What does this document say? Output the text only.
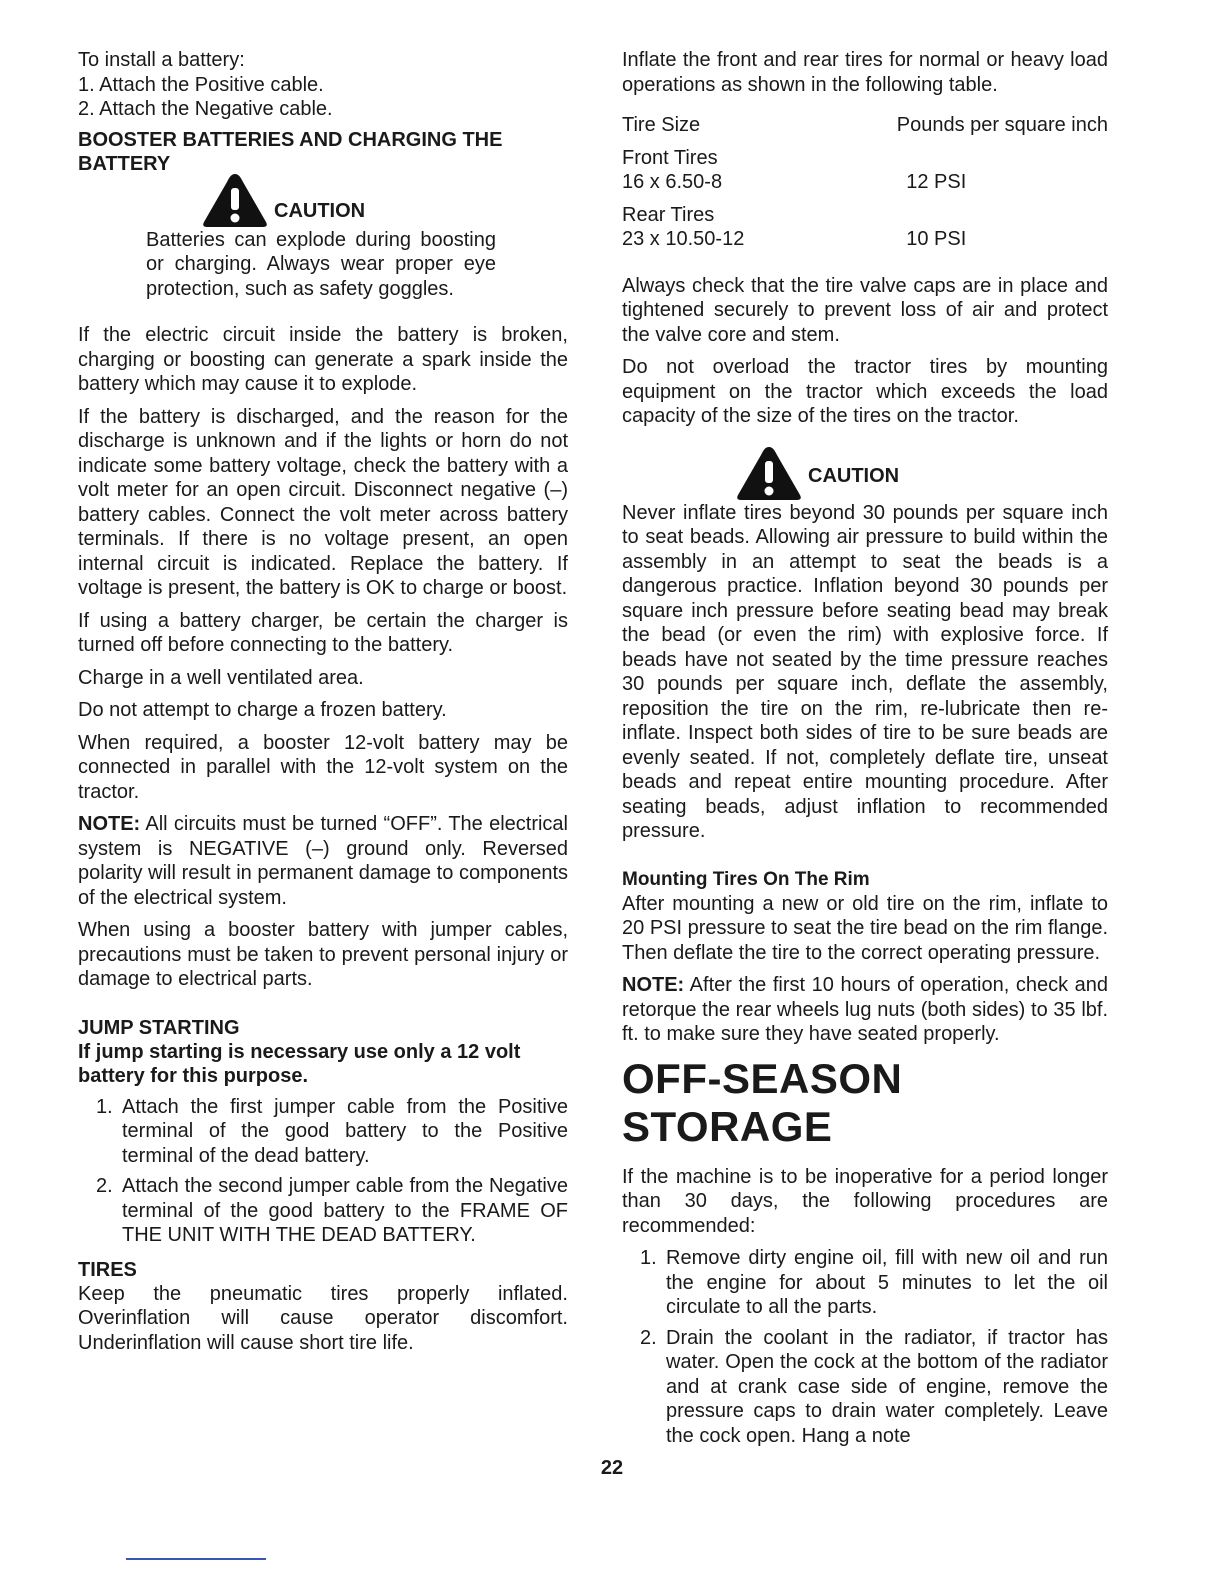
To install a battery:
1. Attach the Positive cable.
2. Attach the Negative cable.
BOOSTER BATTERIES AND CHARGING THE BATTERY
CAUTION
Batteries can explode during boosting or charging. Always wear proper eye protection, such as safety goggles.

If the electric circuit inside the battery is broken, charging or boosting can generate a spark inside the battery which may cause it to explode.

If the battery is discharged, and the reason for the discharge is unknown and if the lights or horn do not indicate some battery voltage, check the battery with a volt meter for an open circuit. Disconnect negative (–) battery cables. Connect the volt meter across battery terminals. If there is no voltage present, an open internal circuit is indicated. Replace the battery. If voltage is present, the battery is OK to charge or boost.

If using a battery charger, be certain the charger is turned off before connecting to the battery.

Charge in a well ventilated area.

Do not attempt to charge a frozen battery.

When required, a booster 12-volt battery may be connected in parallel with the 12-volt system on the tractor.

NOTE: All circuits must be turned “OFF”. The electrical system is NEGATIVE (–) ground only. Reversed polarity will result in permanent damage to components of the electrical system.

When using a booster battery with jumper cables, precautions must be taken to prevent personal injury or damage to electrical parts.

JUMP STARTING
If jump starting is necessary use only a 12 volt battery for this purpose.
1. Attach the first jumper cable from the Positive terminal of the good battery to the Positive terminal of the dead battery.
2. Attach the second jumper cable from the Negative terminal of the good battery to the FRAME OF THE UNIT WITH THE DEAD BATTERY.
TIRES

Keep the pneumatic tires properly inflated. Overinflation will cause operator discomfort. Underinflation will cause short tire life.

Inflate the front and rear tires for normal or heavy load operations as shown in the following table.

Tire Size	Pounds per square inch
Front Tires	
16 x 6.50-8	12 PSI
Rear Tires	
23 x 10.50-12	10 PSI

Always check that the tire valve caps are in place and tightened securely to prevent loss of air and protect the valve core and stem.

Do not overload the tractor tires by mounting equipment on the tractor which exceeds the load capacity of the size of the tires on the tractor.

CAUTION

Never inflate tires beyond 30 pounds per square inch to seat beads. Allowing air pressure to build within the assembly in an attempt to seat the beads is a dangerous practice. Inflation beyond 30 pounds per square inch pressure before seating bead may break the bead (or even the rim) with explosive force. If beads have not seated by the time pressure reaches 30 pounds per square inch, deflate the assembly, reposition the tire on the rim, re-lubricate then re-inflate. Inspect both sides of tire to be sure beads are evenly seated. If not, completely deflate tire, unseat beads and repeat entire mounting procedure. After seating beads, adjust inflation to recommended pressure.

Mounting Tires On The Rim

After mounting a new or old tire on the rim, inflate to 20 PSI pressure to seat the tire bead on the rim flange. Then deflate the tire to the correct operating pressure.

NOTE: After the first 10 hours of operation, check and retorque the rear wheels lug nuts (both sides) to 35 lbf. ft. to make sure they have seated properly.

OFF-SEASON STORAGE

If the machine is to be inoperative for a period longer than 30 days, the following procedures are recommended:

1. Remove dirty engine oil, fill with new oil and run the engine for about 5 minutes to let the oil circulate to all the parts.
2. Drain the coolant in the radiator, if tractor has water. Open the cock at the bottom of the radiator and at crank case side of engine, remove the pressure caps to drain water completely. Leave the cock open. Hang a note
22
